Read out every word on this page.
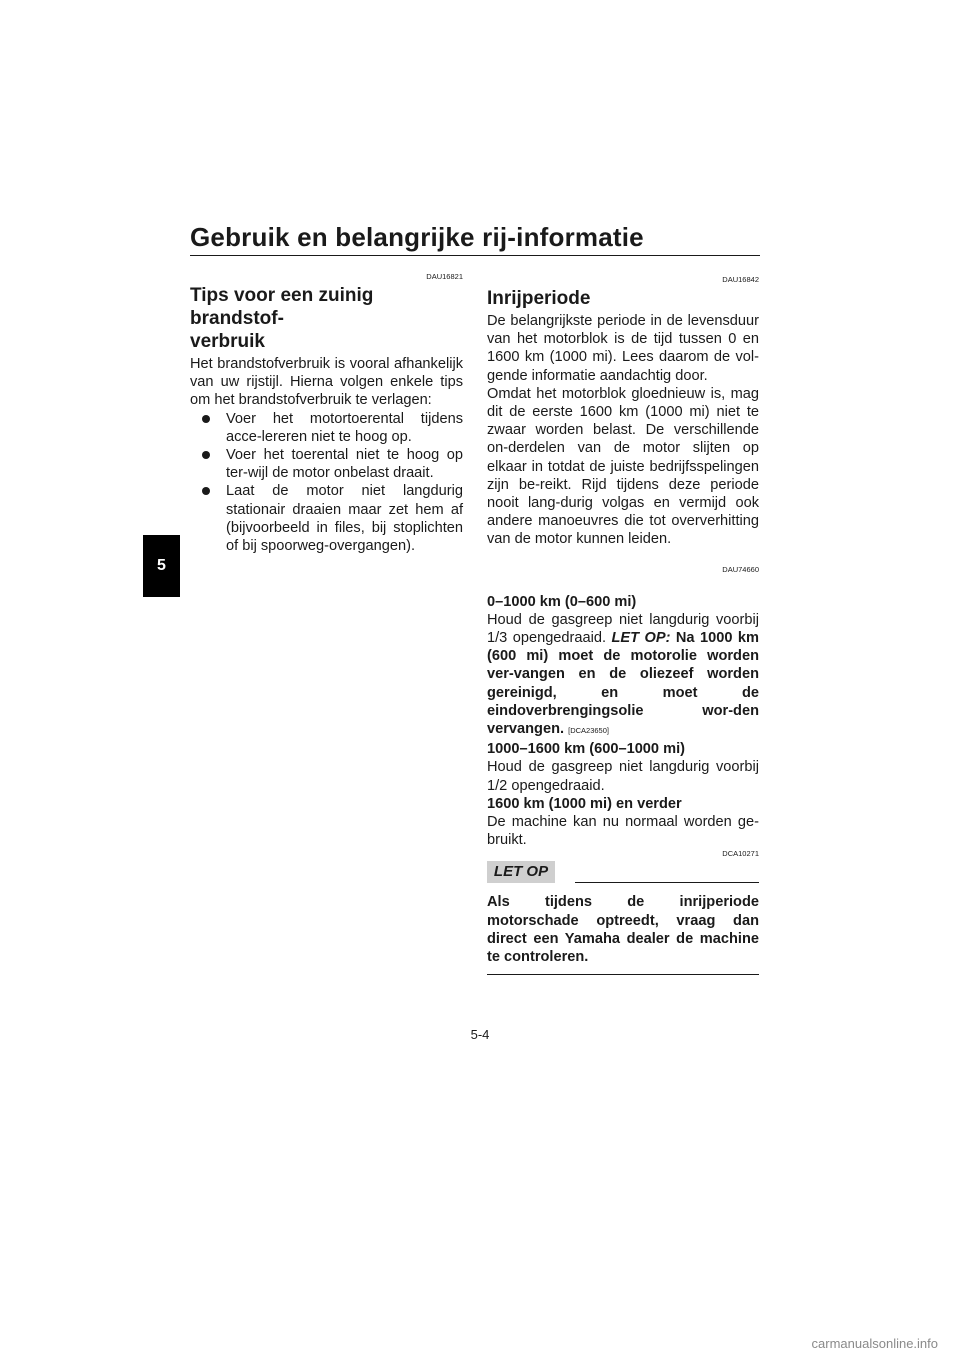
Gebruik en belangrijke rij-informatie
5
DAU16821
Tips voor een zuinig brandstof-
verbruik

Het brandstofverbruik is vooral afhankelijk van uw rijstijl. Hierna volgen enkele tips om het brandstofverbruik te verlagen:

Voer het motortoerental tijdens acce-lereren niet te hoog op.
Voer het toerental niet te hoog op ter-wijl de motor onbelast draait.
Laat de motor niet langdurig stationair draaien maar zet hem af (bijvoorbeeld in files, bij stoplichten of bij spoorweg-overgangen).
DAU16842
Inrijperiode

De belangrijkste periode in de levensduur van het motorblok is de tijd tussen 0 en 1600 km (1000 mi). Lees daarom de vol-gende informatie aandachtig door.

Omdat het motorblok gloednieuw is, mag dit de eerste 1600 km (1000 mi) niet te zwaar worden belast. De verschillende on-derdelen van de motor slijten op elkaar in totdat de juiste bedrijfsspelingen zijn be-reikt. Rijd tijdens deze periode nooit lang-durig volgas en vermijd ook andere manoeuvres die tot oververhitting van de motor kunnen leiden.

DAU74660
0–1000 km (0–600 mi)

Houd de gasgreep niet langdurig voorbij 1/3 opengedraaid. LET OP: Na 1000 km (600 mi) moet de motorolie worden ver-vangen en de oliezeef worden gereinigd, en moet de eindoverbrengingsolie wor-den vervangen. [DCA23650]

1000–1600 km (600–1000 mi)

Houd de gasgreep niet langdurig voorbij 1/2 opengedraaid.

1600 km (1000 mi) en verder

De machine kan nu normaal worden ge-bruikt.

DCA10271
LET OP

Als tijdens de inrijperiode motorschade optreedt, vraag dan direct een Yamaha dealer de machine te controleren.

5-4
carmanualsonline.info
